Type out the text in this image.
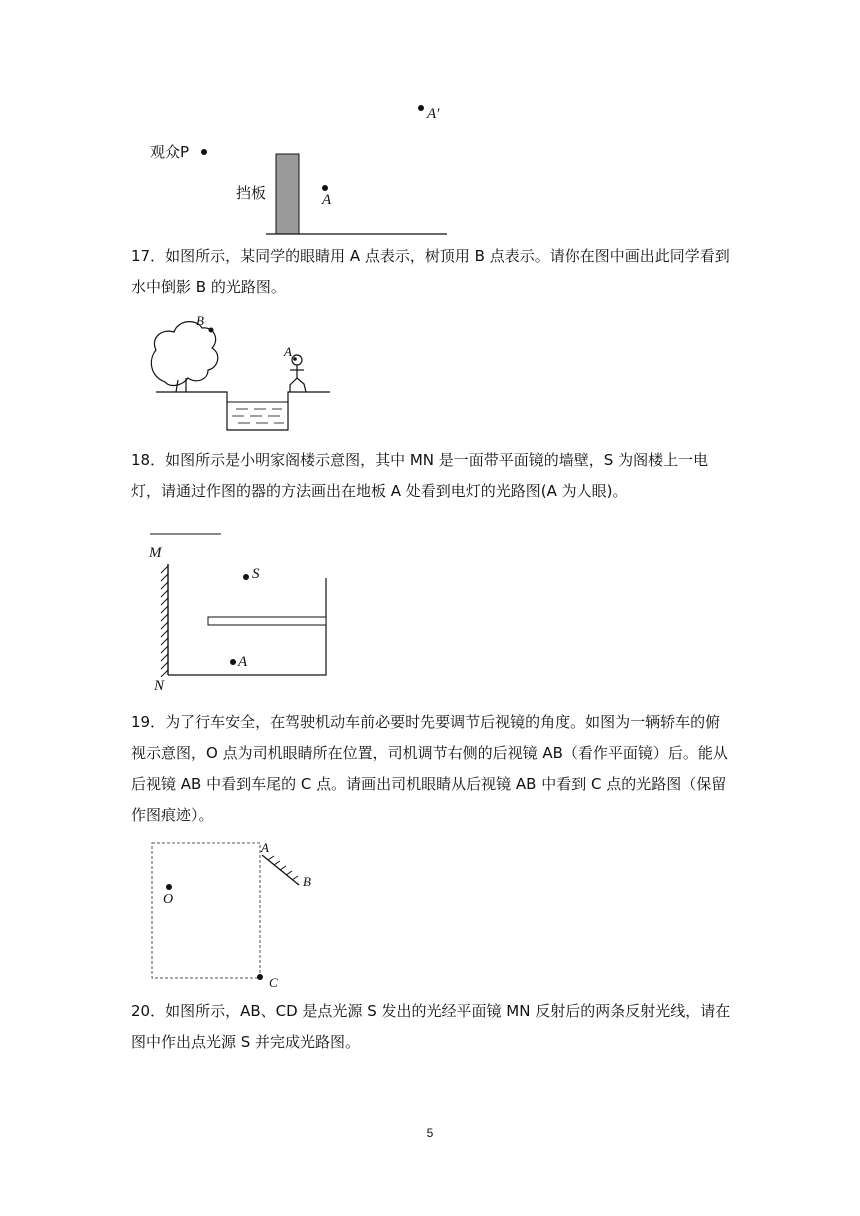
A′
观众P
挡板	A
17．如图所示，某同学的眼睛用 A 点表示，树顶用 B 点表示。请你在图中画出此同学看到水中倒影 B 的光路图。
B
A
18．如图所示是小明家阁楼示意图，其中 MN 是一面带平面镜的墙壁，S 为阁楼上一电灯，请通过作图的器的方法画出在地板 A 处看到电灯的光路图(A 为人眼)。
M
N
S
A
19．为了行车安全，在驾驶机动车前必要时先要调节后视镜的角度。如图为一辆轿车的俯视示意图，O 点为司机眼睛所在位置，司机调节右侧的后视镜 AB（看作平面镜）后。能从后视镜 AB 中看到车尾的 C 点。请画出司机眼睛从后视镜 AB 中看到 C 点的光路图（保留作图痕迹）。
A
B
O
C
20．如图所示，AB、CD 是点光源 S 发出的光经平面镜 MN 反射后的两条反射光线，请在图中作出点光源 S 并完成光路图。
5
